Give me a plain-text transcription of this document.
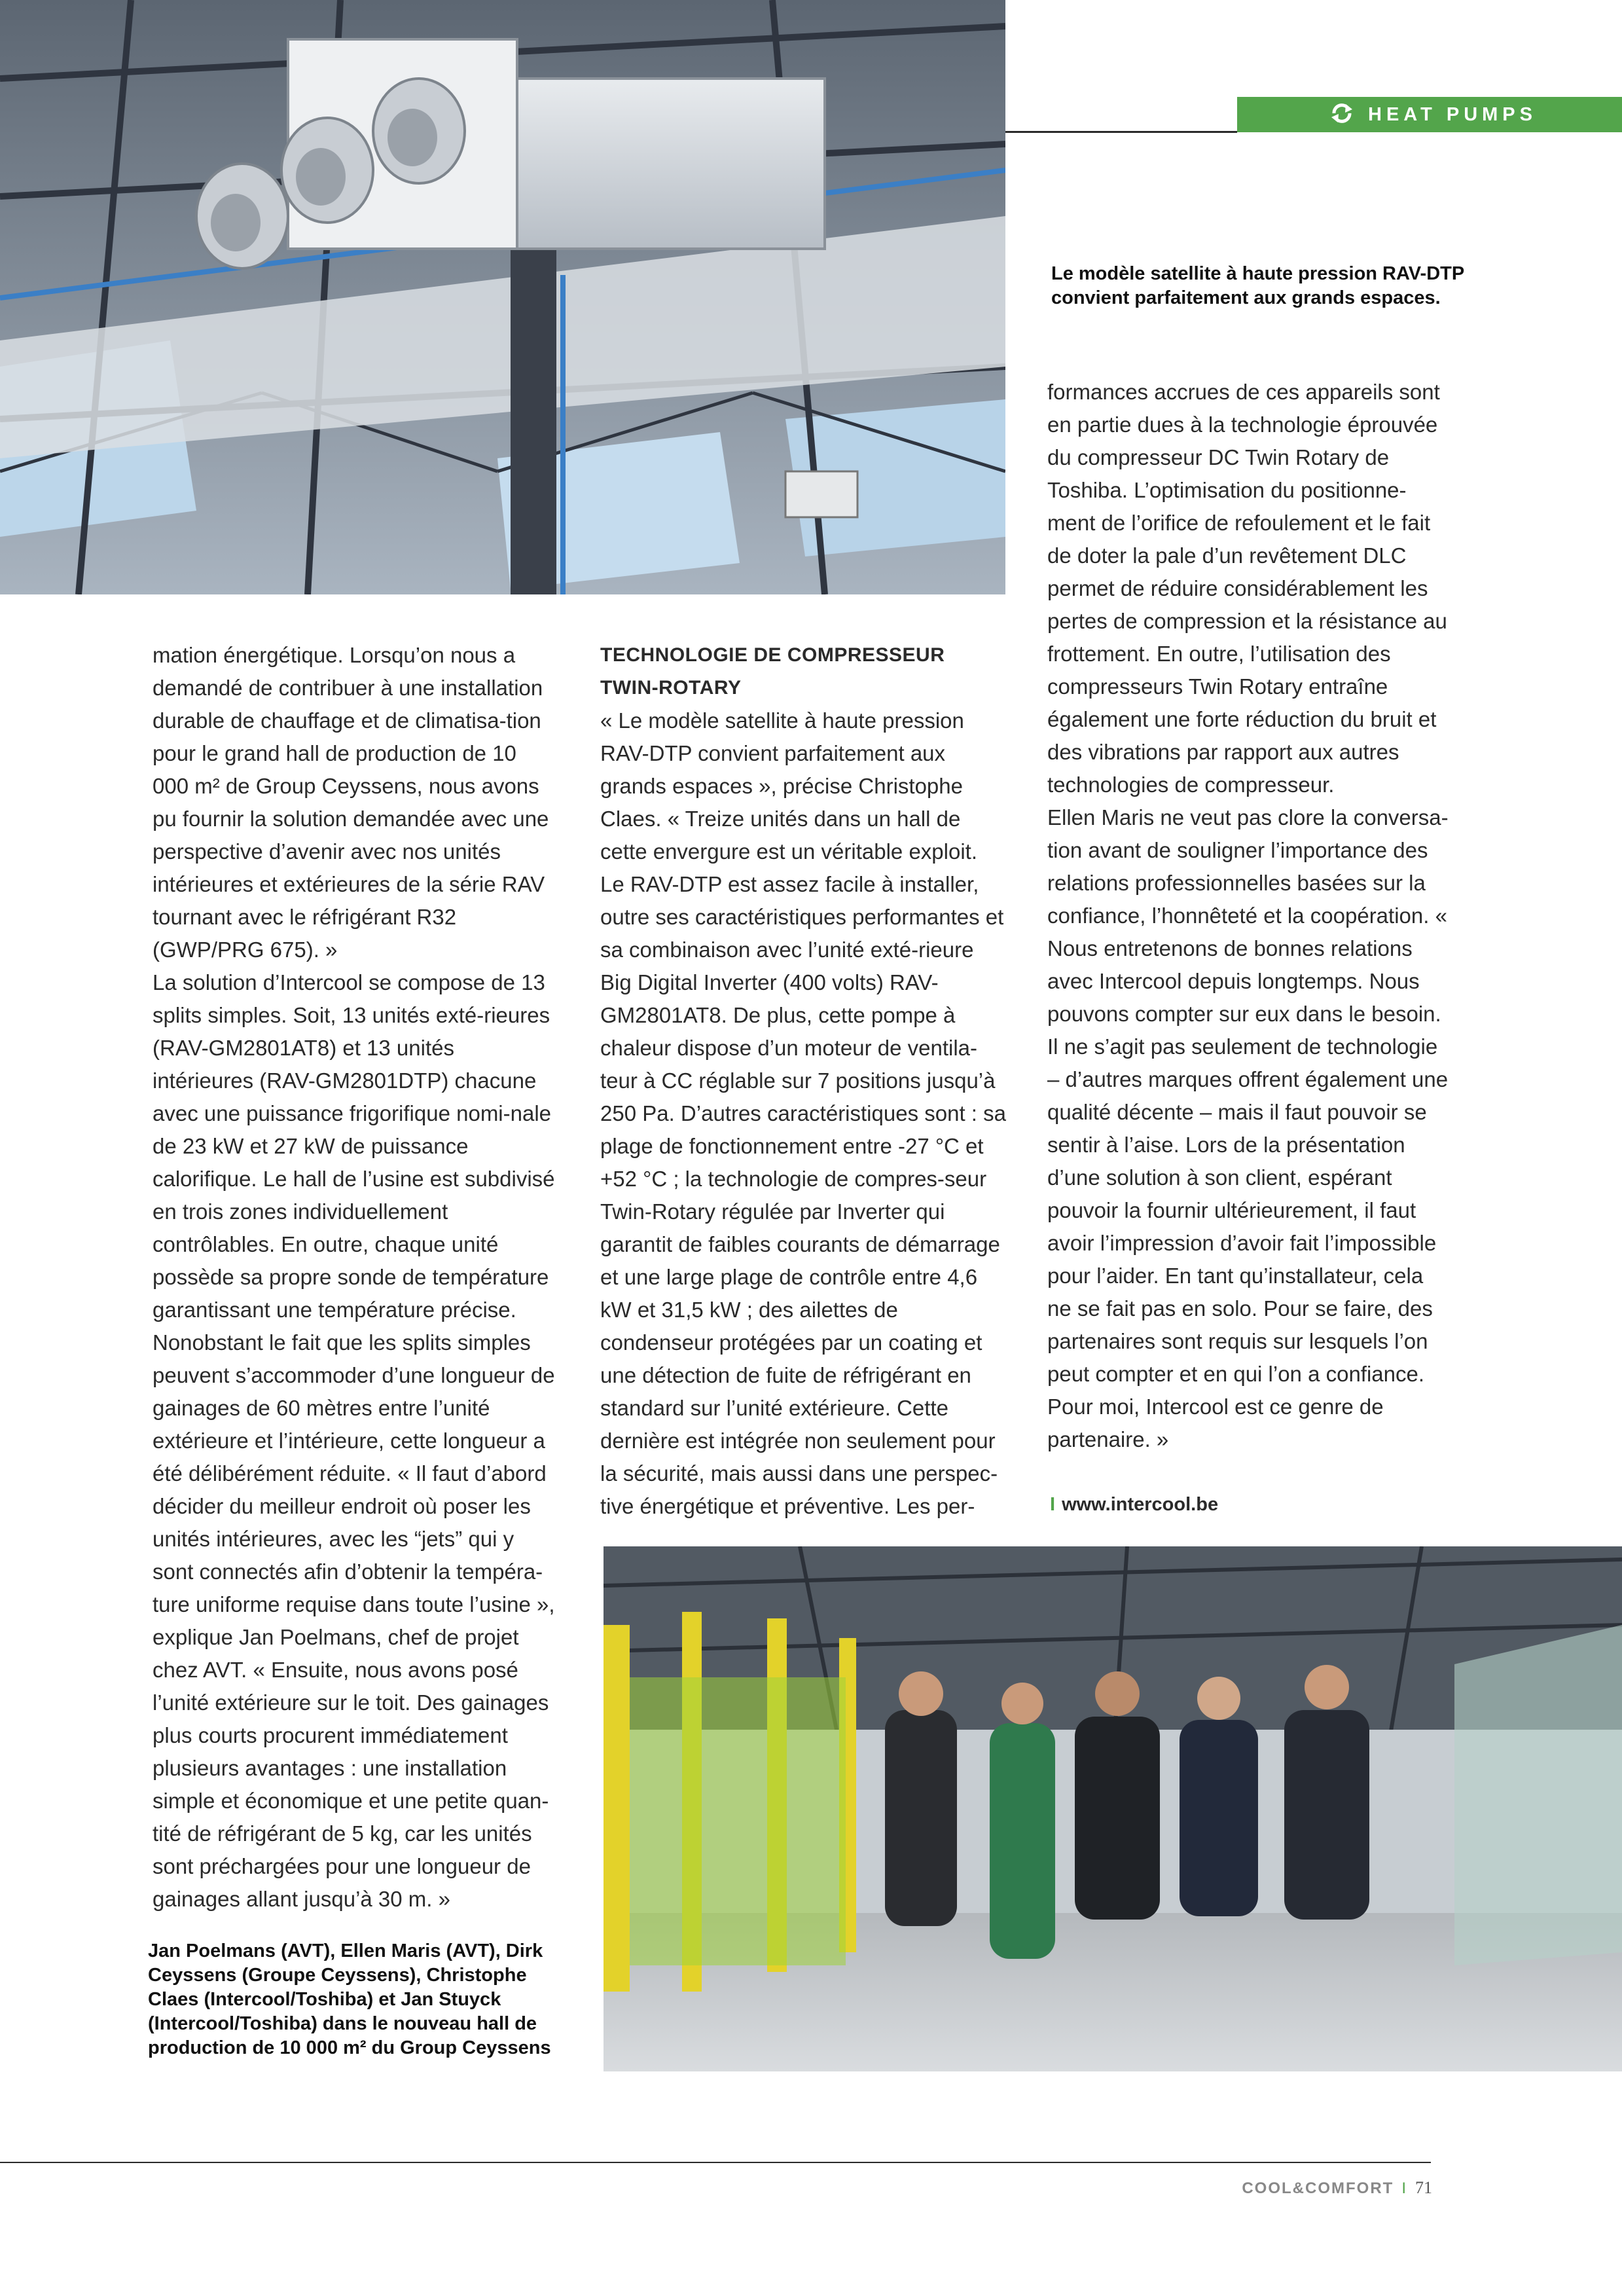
HEAT PUMPS
Le modèle satellite à haute pression RAV-DTP convient parfaitement aux grands espaces.

mation énergétique. Lorsqu’on nous a demandé de contribuer à une installation durable de chauffage et de climatisa-tion pour le grand hall de production de 10 000 m² de Group Ceyssens, nous avons pu fournir la solution demandée avec une perspective d’avenir avec nos unités intérieures et extérieures de la série RAV tournant avec le réfrigérant R32 (GWP/PRG 675). »

La solution d’Intercool se compose de 13 splits simples. Soit, 13 unités exté-rieures (RAV-GM2801AT8) et 13 unités intérieures (RAV-GM2801DTP) chacune avec une puissance frigorifique nomi-nale de 23 kW et 27 kW de puissance calorifique. Le hall de l’usine est subdivisé en trois zones individuellement contrôlables. En outre, chaque unité possède sa propre sonde de température garantissant une température précise. Nonobstant le fait que les splits simples peuvent s’accommoder d’une longueur de gainages de 60 mètres entre l’unité extérieure et l’intérieure, cette longueur a été délibérément réduite. « Il faut d’abord décider du meilleur endroit où poser les unités intérieures, avec les “jets” qui y sont connectés afin d’obtenir la tempéra-ture uniforme requise dans toute l’usine », explique Jan Poelmans, chef de projet chez AVT. « Ensuite, nous avons posé l’unité extérieure sur le toit. Des gainages plus courts procurent immédiatement plusieurs avantages : une installation simple et économique et une petite quan-tité de réfrigérant de 5 kg, car les unités sont préchargées pour une longueur de gainages allant jusqu’à 30 m. »

TECHNOLOGIE DE COMPRESSEUR TWIN-ROTARY

« Le modèle satellite à haute pression RAV-DTP convient parfaitement aux grands espaces », précise Christophe Claes. « Treize unités dans un hall de cette envergure est un véritable exploit. Le RAV-DTP est assez facile à installer, outre ses caractéristiques performantes et sa combinaison avec l’unité exté-rieure Big Digital Inverter (400 volts) RAV-GM2801AT8. De plus, cette pompe à chaleur dispose d’un moteur de ventila-teur à CC réglable sur 7 positions jusqu’à 250 Pa. D’autres caractéristiques sont : sa plage de fonctionnement entre -27 °C et +52 °C ; la technologie de compres-seur Twin-Rotary régulée par Inverter qui garantit de faibles courants de démarrage et une large plage de contrôle entre 4,6 kW et 31,5 kW ; des ailettes de condenseur protégées par un coating et une détection de fuite de réfrigérant en standard sur l’unité extérieure. Cette dernière est intégrée non seulement pour la sécurité, mais aussi dans une perspec-tive énergétique et préventive. Les per-

formances accrues de ces appareils sont en partie dues à la technologie éprouvée du compresseur DC Twin Rotary de Toshiba. L’optimisation du positionne-ment de l’orifice de refoulement et le fait de doter la pale d’un revêtement DLC permet de réduire considérablement les pertes de compression et la résistance au frottement. En outre, l’utilisation des compresseurs Twin Rotary entraîne également une forte réduction du bruit et des vibrations par rapport aux autres technologies de compresseur.

Ellen Maris ne veut pas clore la conversa-tion avant de souligner l’importance des relations professionnelles basées sur la confiance, l’honnêteté et la coopération. « Nous entretenons de bonnes relations avec Intercool depuis longtemps. Nous pouvons compter sur eux dans le besoin. Il ne s’agit pas seulement de technologie – d’autres marques offrent également une qualité décente – mais il faut pouvoir se sentir à l’aise. Lors de la présentation d’une solution à son client, espérant pouvoir la fournir ultérieurement, il faut avoir l’impression d’avoir fait l’impossible pour l’aider. En tant qu’installateur, cela ne se fait pas en solo. Pour se faire, des partenaires sont requis sur lesquels l’on peut compter et en qui l’on a confiance. Pour moi, Intercool est ce genre de partenaire. »

I www.intercool.be
Jan Poelmans (AVT), Ellen Maris (AVT), Dirk Ceyssens (Groupe Ceyssens), Christophe Claes (Intercool/Toshiba) et Jan Stuyck (Intercool/Toshiba) dans le nouveau hall de production de 10 000 m² du Group Ceyssens
COOL&COMFORT I 71
